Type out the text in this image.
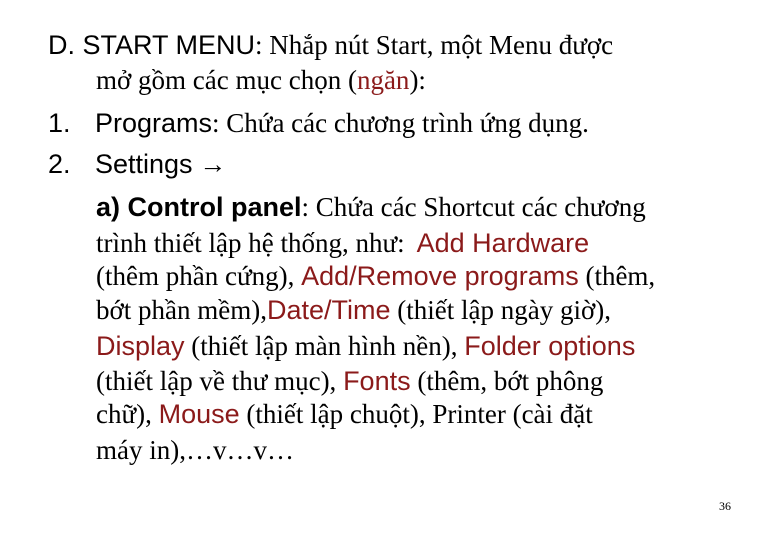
D. START MENU: Nhắp nút Start, một Menu được
mở gồm các mục chọn (ngăn):
1. Programs: Chứa các chương trình ứng dụng.
2. Settings →
a) Control panel: Chứa các Shortcut các chương
trình thiết lập hệ thống, như: Add Hardware
(thêm phần cứng), Add/Remove programs (thêm,
bớt phần mềm),Date/Time (thiết lập ngày giờ),
Display (thiết lập màn hình nền), Folder options
(thiết lập về thư mục), Fonts (thêm, bớt phông
chữ), Mouse (thiết lập chuột), Printer (cài đặt
máy in),…v…v…
36
